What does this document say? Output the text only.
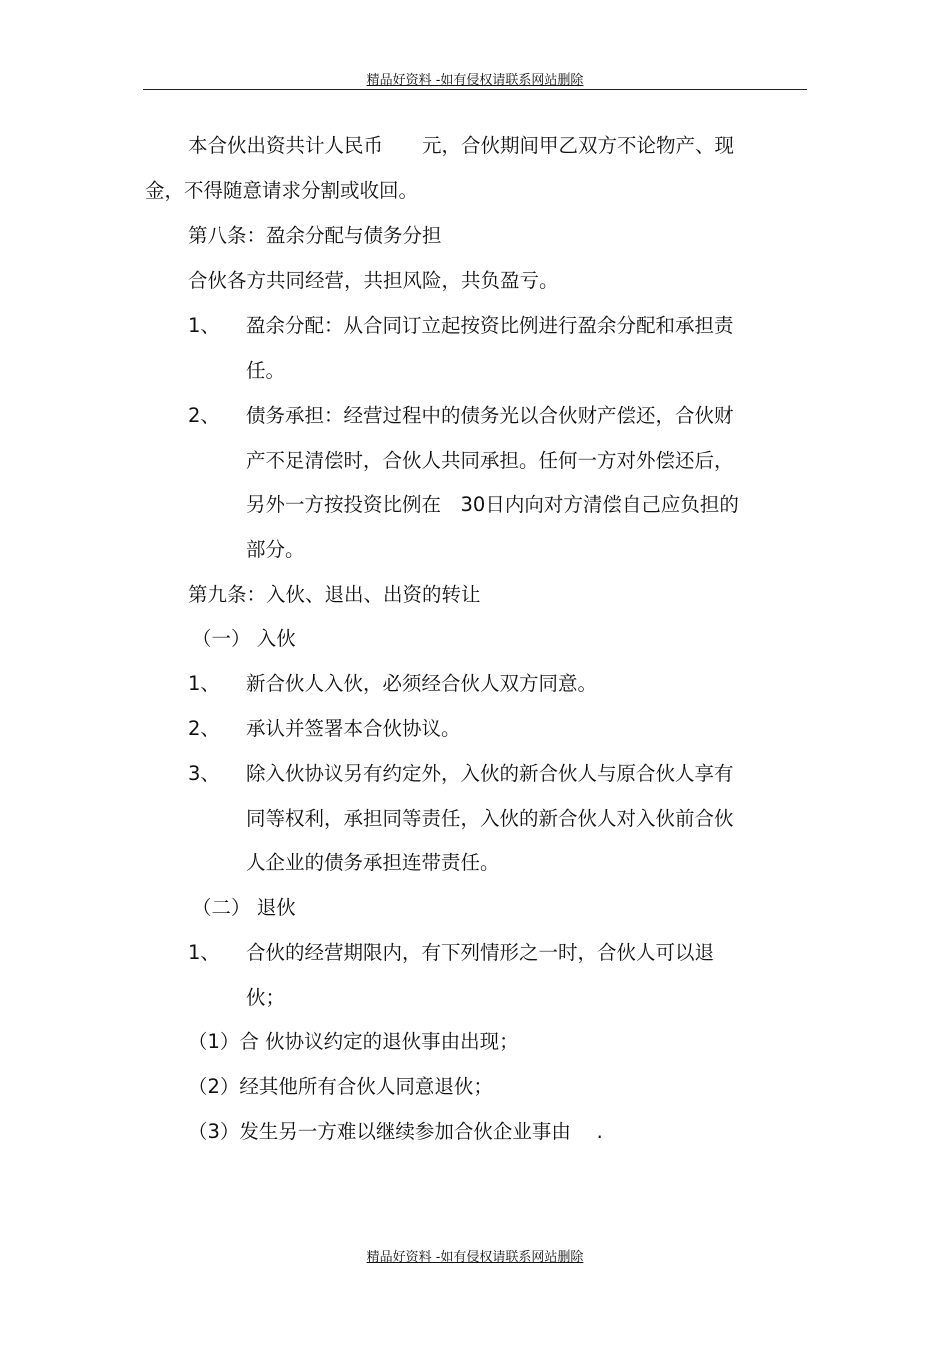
精品好资料 -如有侵权请联系网站删除
本合伙出资共计人民币　　元，合伙期间甲乙双方不论物产、现
金，不得随意请求分割或收回。
第八条：盈余分配与债务分担
合伙各方共同经营，共担风险，共负盈亏。
1、 盈余分配：从合同订立起按资比例进行盈余分配和承担责
任。
2、 债务承担：经营过程中的债务光以合伙财产偿还，合伙财
产不足清偿时，合伙人共同承担。任何一方对外偿还后，
另外一方按投资比例在　30日内向对方清偿自己应负担的
部分。
第九条：入伙、退出、出资的转让
（一） 入伙
1、 新合伙人入伙，必须经合伙人双方同意。
2、 承认并签署本合伙协议。
3、 除入伙协议另有约定外，入伙的新合伙人与原合伙人享有
同等权利，承担同等责任，入伙的新合伙人对入伙前合伙
人企业的债务承担连带责任。
（二） 退伙
1、 合伙的经营期限内，有下列情形之一时，合伙人可以退
伙；
（1）合 伙协议约定的退伙事由出现；
（2）经其他所有合伙人同意退伙；
（3）发生另一方难以继续参加合伙企业事由　 .
精品好资料 -如有侵权请联系网站删除
